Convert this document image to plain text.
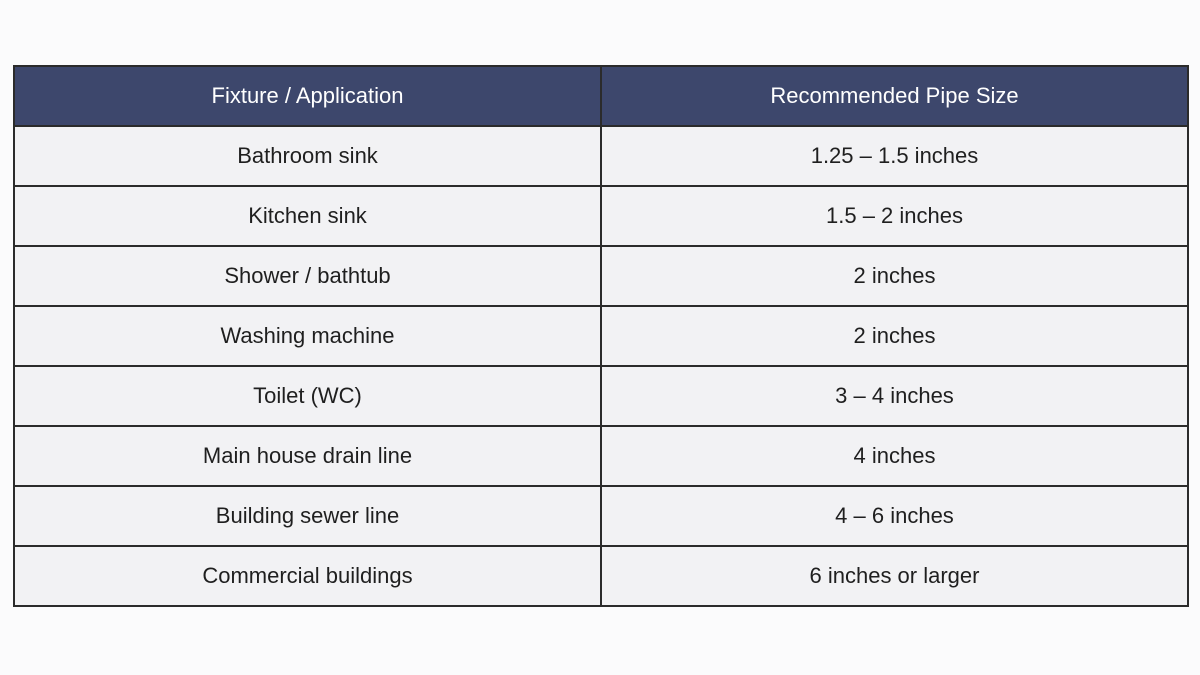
Fixture / Application	Recommended Pipe Size
Bathroom sink	1.25 – 1.5 inches
Kitchen sink	1.5 – 2 inches
Shower / bathtub	2 inches
Washing machine	2 inches
Toilet (WC)	3 – 4 inches
Main house drain line	4 inches
Building sewer line	4 – 6 inches
Commercial buildings	6 inches or larger
